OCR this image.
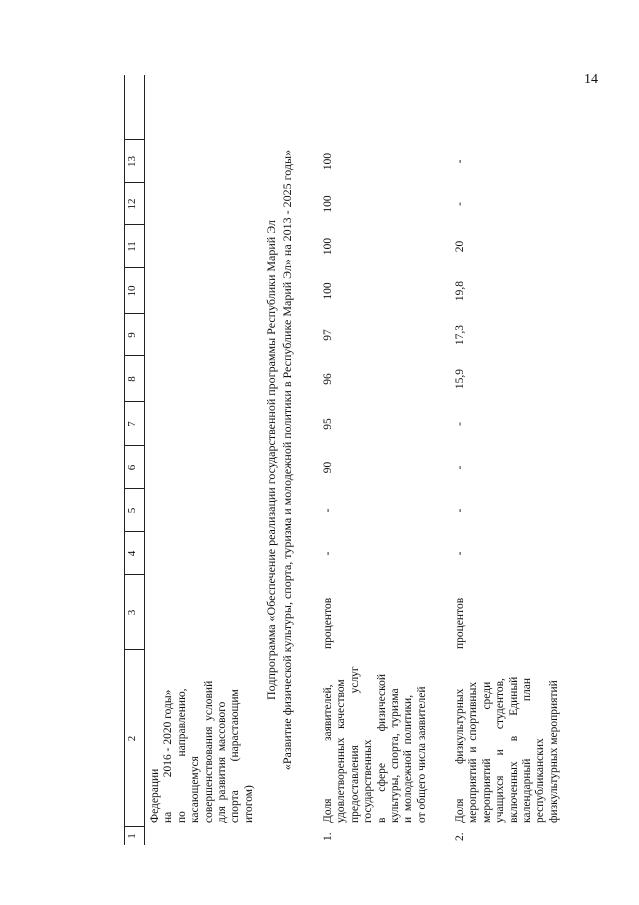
14
Федерации на            2016 - 2020 годы» по                   направлению, касающемуся совершенствования  условий для  развития  массового спорта          (нарастающим итогом)
Подпрограмма «Обеспечение реализации государственной программы Республики Марий Эл «Развитие физической культуры, спорта, туризма и молодежной политики в Республике Марий Эл» на 2013 - 2025 годы»
1.
Доля                    заявителей, удовлетворенных   качеством предоставления                  услуг государственных в         сфере           физической культуры,  спорта,  туризма и  молодежной  политики, от общего числа заявителей
процентов
-
-
90
95
96
97
100
100
100
100
2.
Доля            физкультурных мероприятий  и  спортивных мероприятий                 среди учащихся       и       студентов, включенных       в       Единый календарный                    план республиканских физкультурных мероприятий
процентов
-
-
-
-
15,9
17,3
19,8
20
-
-
1
2
3
4
5
6
7
8
9
10
11
12
13
